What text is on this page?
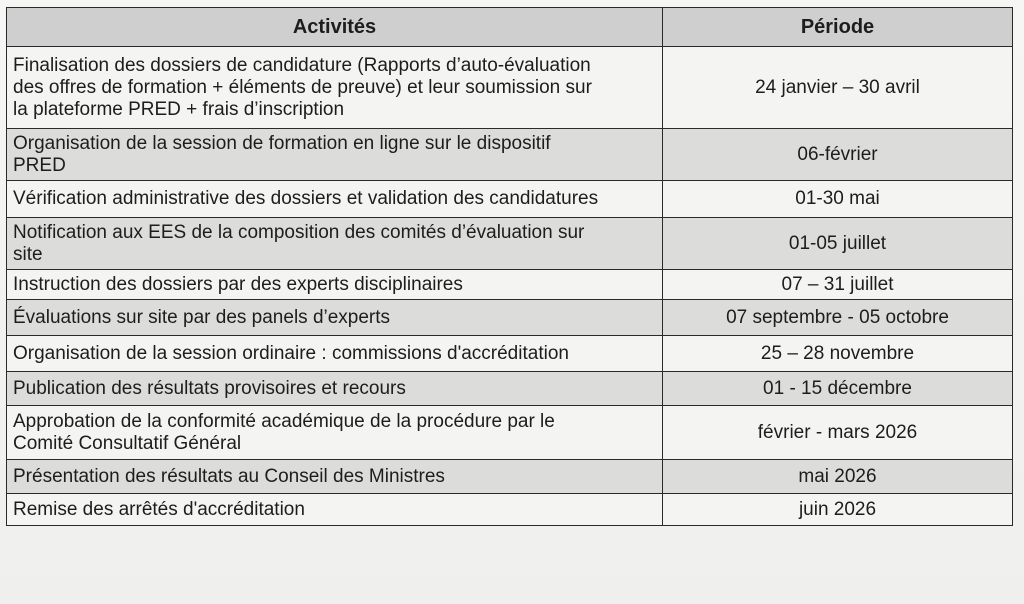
Activités	Période
Finalisation des dossiers de candidature (Rapports d’auto-évaluation
des offres de formation + éléments de preuve) et leur soumission sur
la plateforme PRED + frais d’inscription	24 janvier – 30 avril
Organisation de la session de formation en ligne sur le dispositif
PRED	06-février
Vérification administrative des dossiers et validation des candidatures	01-30 mai
Notification aux EES de la composition des comités d’évaluation sur
site	01-05 juillet
Instruction des dossiers par des experts disciplinaires	07 – 31 juillet
Évaluations sur site par des panels d’experts	07 septembre - 05 octobre
Organisation de la session ordinaire : commissions d'accréditation	25 – 28 novembre
Publication des résultats provisoires et recours	01 - 15 décembre
Approbation de la conformité académique de la procédure par le
Comité Consultatif Général	février - mars 2026
Présentation des résultats au Conseil des Ministres	mai 2026
Remise des arrêtés d'accréditation	juin 2026
